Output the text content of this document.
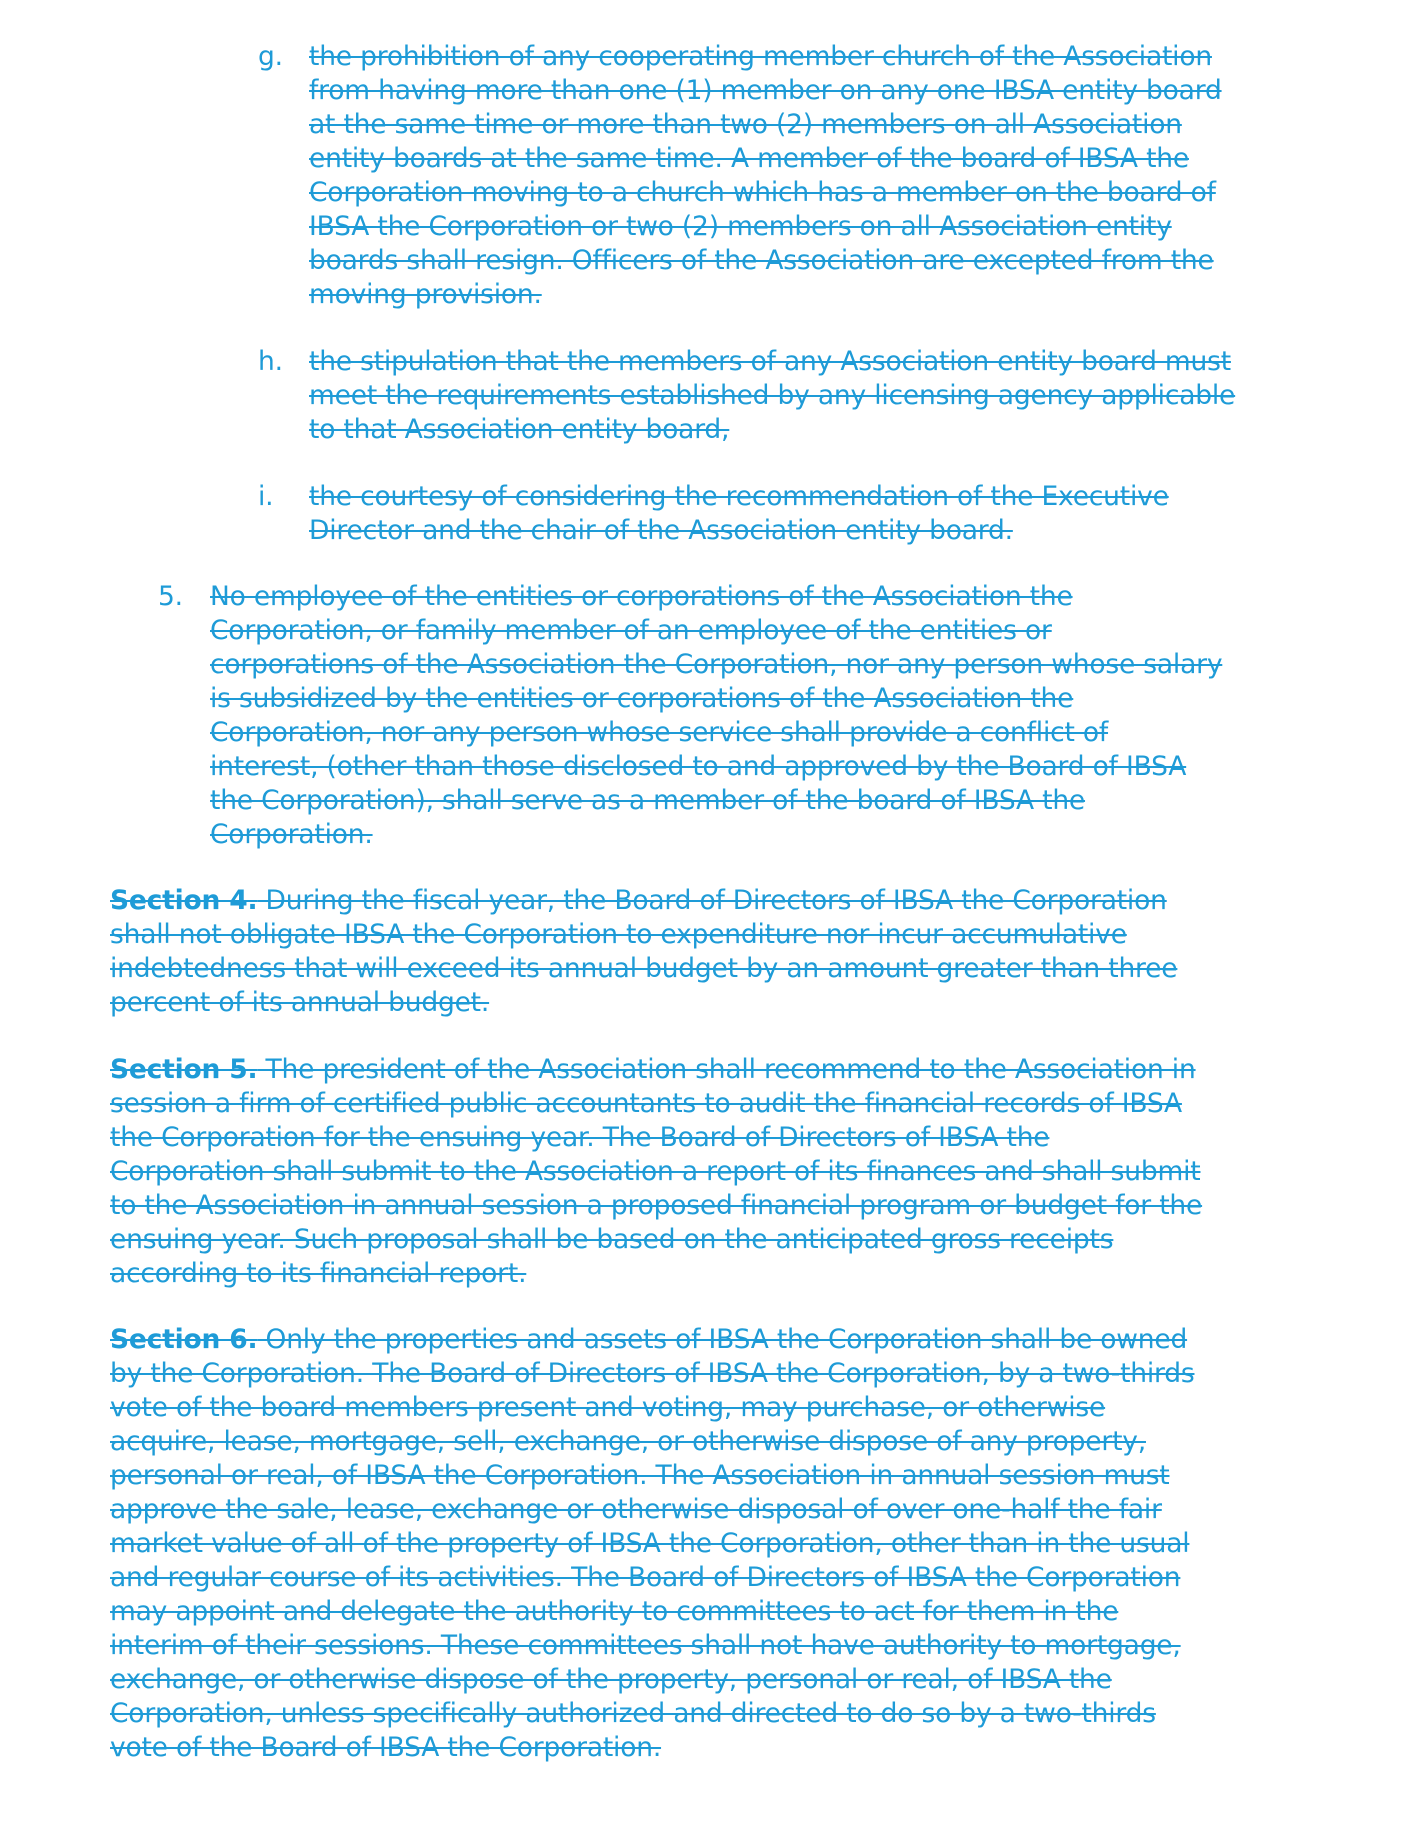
g. the prohibition of any cooperating member church of the Association
from having more than one (1) member on any one IBSA entity board
at the same time or more than two (2) members on all Association
entity boards at the same time. A member of the board of IBSA the
Corporation moving to a church which has a member on the board of
IBSA the Corporation or two (2) members on all Association entity
boards shall resign. Officers of the Association are excepted from the
moving provision.
h. the stipulation that the members of any Association entity board must
meet the requirements established by any licensing agency applicable
to that Association entity board,
i. the courtesy of considering the recommendation of the Executive
Director and the chair of the Association entity board.
5. No employee of the entities or corporations of the Association the
Corporation, or family member of an employee of the entities or
corporations of the Association the Corporation, nor any person whose salary
is subsidized by the entities or corporations of the Association the
Corporation, nor any person whose service shall provide a conflict of
interest, (other than those disclosed to and approved by the Board of IBSA
the Corporation), shall serve as a member of the board of IBSA the
Corporation.
Section 4. During the fiscal year, the Board of Directors of IBSA the Corporation
shall not obligate IBSA the Corporation to expenditure nor incur accumulative
indebtedness that will exceed its annual budget by an amount greater than three
percent of its annual budget.
Section 5. The president of the Association shall recommend to the Association in
session a firm of certified public accountants to audit the financial records of IBSA
the Corporation for the ensuing year. The Board of Directors of IBSA the
Corporation shall submit to the Association a report of its finances and shall submit
to the Association in annual session a proposed financial program or budget for the
ensuing year. Such proposal shall be based on the anticipated gross receipts
according to its financial report.
Section 6. Only the properties and assets of IBSA the Corporation shall be owned
by the Corporation. The Board of Directors of IBSA the Corporation, by a two-thirds
vote of the board members present and voting, may purchase, or otherwise
acquire, lease, mortgage, sell, exchange, or otherwise dispose of any property,
personal or real, of IBSA the Corporation. The Association in annual session must
approve the sale, lease, exchange or otherwise disposal of over one-half the fair
market value of all of the property of IBSA the Corporation, other than in the usual
and regular course of its activities. The Board of Directors of IBSA the Corporation
may appoint and delegate the authority to committees to act for them in the
interim of their sessions. These committees shall not have authority to mortgage,
exchange, or otherwise dispose of the property, personal or real, of IBSA the
Corporation, unless specifically authorized and directed to do so by a two-thirds
vote of the Board of IBSA the Corporation.
